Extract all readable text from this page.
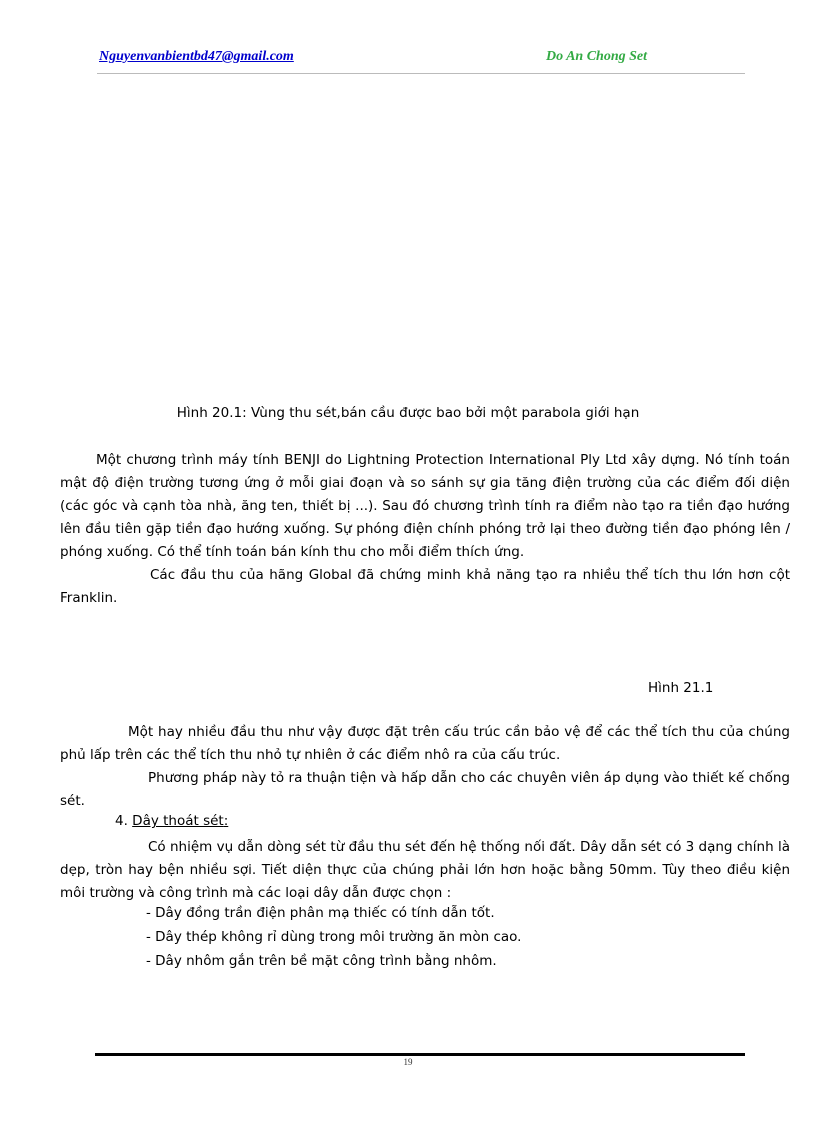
Nguyenvanbientbd47@gmail.com	Do An Chong Set
Hình 20.1: Vùng thu sét,bán cầu được bao bởi một parabola giới hạn

Một chương trình máy tính BENJI do Lightning Protection International Ply Ltd xây dựng. Nó tính toán mật độ điện trường tương ứng ở mỗi giai đoạn và so sánh sự gia tăng điện trường của các điểm đối diện (các góc và cạnh tòa nhà, ăng ten, thiết bị ...). Sau đó chương trình tính ra điểm nào tạo ra tiền đạo hướng lên đầu tiên gặp tiền đạo hướng xuống. Sự phóng điện chính phóng trở lại theo đường tiền đạo phóng lên / phóng xuống. Có thể tính toán bán kính thu cho mỗi điểm thích ứng.

Các đầu thu của hãng Global đã chứng minh khả năng tạo ra nhiều thể tích thu lớn hơn cột Franklin.

Hình 21.1

Một hay nhiều đầu thu như vậy được đặt trên cấu trúc cần bảo vệ để các thể tích thu của chúng phủ lấp trên các thể tích thu nhỏ tự nhiên ở các điểm nhô ra của cấu trúc.

Phương pháp này tỏ ra thuận tiện và hấp dẫn cho các chuyên viên áp dụng vào thiết kế chống sét.

4. Dây thoát sét:

Có nhiệm vụ dẫn dòng sét từ đầu thu sét đến hệ thống nối đất. Dây dẫn sét có 3 dạng chính là dẹp, tròn hay bện nhiều sợi. Tiết diện thực của chúng phải lớn hơn hoặc bằng 50mm. Tùy theo điều kiện môi trường và công trình mà các loại dây dẫn được chọn :

- Dây đồng trần điện phân mạ thiếc có tính dẫn tốt.
- Dây thép không rỉ dùng trong môi trường ăn mòn cao.
- Dây nhôm gắn trên bề mặt công trình bằng nhôm.
19
